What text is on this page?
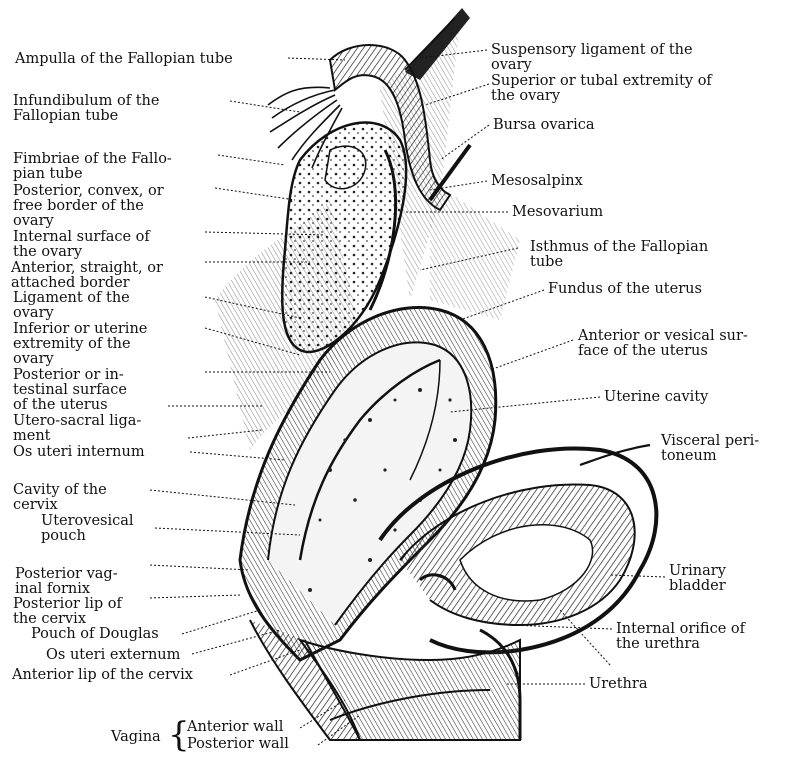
Ampulla of the Fallopian tube
Infundibulum of the
Fallopian tube
Fimbriae of the Fallo-
pian tube
Posterior, convex, or
free border of the
ovary
Internal surface of
the ovary
Anterior, straight, or
attached border
Ligament of the
ovary
Inferior or uterine
extremity of the
ovary
Posterior or in-
testinal surface
of the uterus
Utero-sacral liga-
ment
Os uteri internum
Cavity of the
cervix
Uterovesical
pouch
Posterior vag-
inal fornix
Posterior lip of
the cervix
Pouch of Douglas
Os uteri externum
Anterior lip of the cervix
Vagina {
Anterior wall
Posterior wall
Suspensory ligament of the
ovary
Superior or tubal extremity of
the ovary
Bursa ovarica
Mesosalpinx
Mesovarium
Isthmus of the Fallopian
tube
Fundus of the uterus
Anterior or vesical sur-
face of the uterus
Uterine cavity
Visceral peri-
toneum
Urinary
bladder
Internal orifice of
the urethra
Urethra
